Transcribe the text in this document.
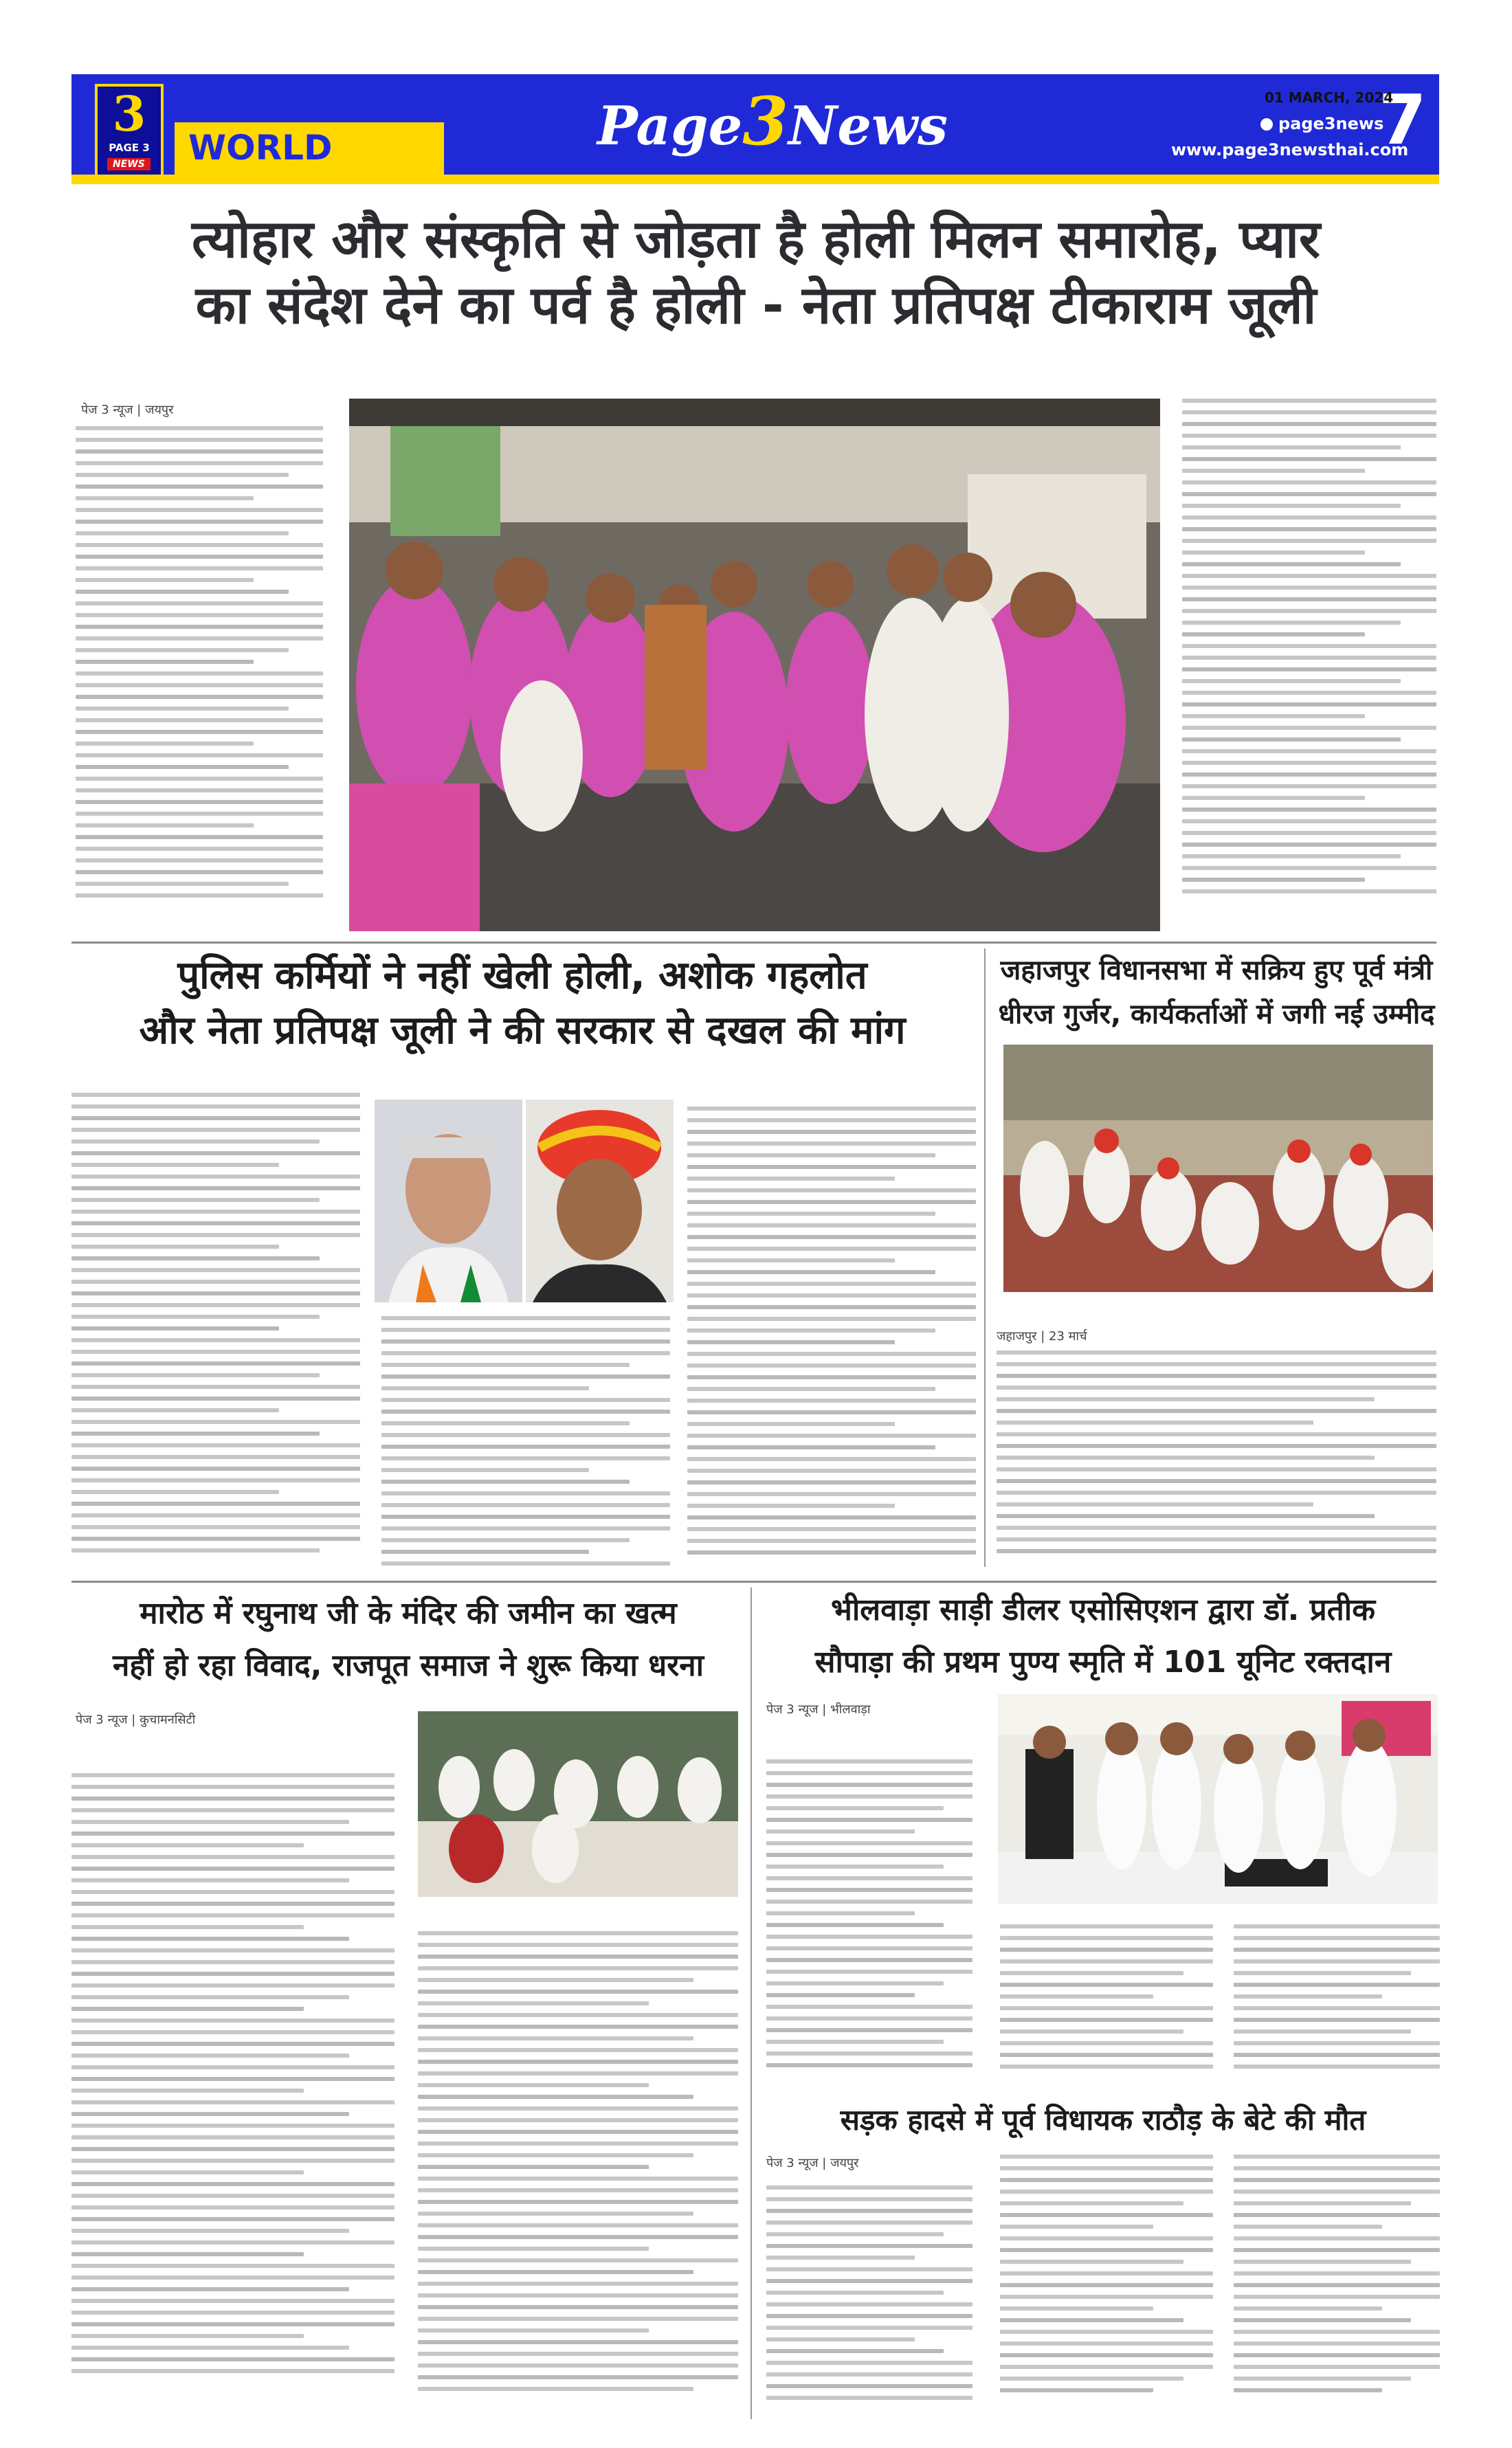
3
PAGE 3
NEWS WORLD	Page3News	page3news
www.page3newsthai.com
7
01 MARCH, 2024
त्योहार और संस्कृति से जोड़ता है होली मिलन समारोह, प्यार
का संदेश देने का पर्व है होली - नेता प्रतिपक्ष टीकाराम जूली
पेज 3 न्यूज | जयपुर
पुलिस कर्मियों ने नहीं खेली होली, अशोक गहलोत
और नेता प्रतिपक्ष जूली ने की सरकार से दखल की मांग
जहाजपुर विधानसभा में सक्रिय हुए पूर्व मंत्री
धीरज गुर्जर, कार्यकर्ताओं में जगी नई उम्मीद
जहाजपुर | 23 मार्च
मारोठ में रघुनाथ जी के मंदिर की जमीन का खत्म
नहीं हो रहा विवाद, राजपूत समाज ने शुरू किया धरना
पेज 3 न्यूज | कुचामनसिटी
भीलवाड़ा साड़ी डीलर एसोसिएशन द्वारा डॉ. प्रतीक
सौपाड़ा की प्रथम पुण्य स्मृति में 101 यूनिट रक्तदान
पेज 3 न्यूज | भीलवाड़ा
सड़क हादसे में पूर्व विधायक राठौड़ के बेटे की मौत
पेज 3 न्यूज | जयपुर
